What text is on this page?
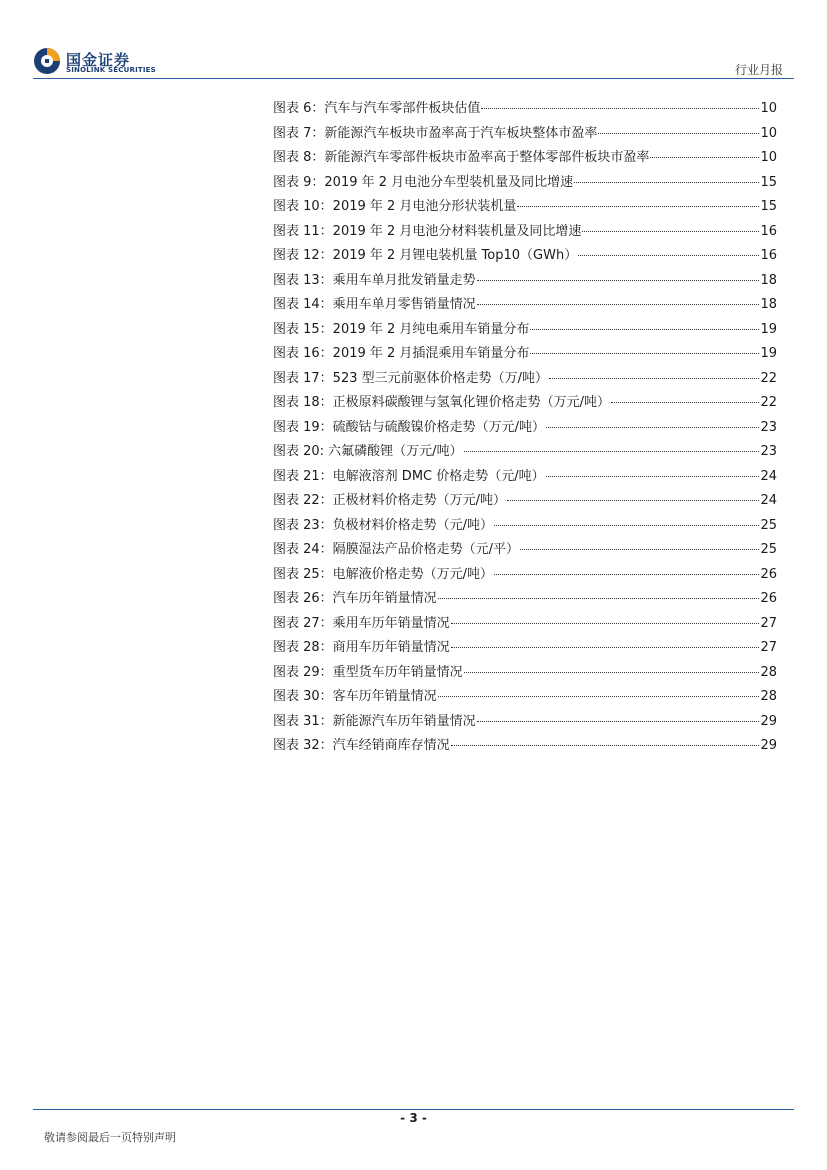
国金证券
SINOLINK SECURITIES	行业月报
图表 6：汽车与汽车零部件板块估值	10
图表 7：新能源汽车板块市盈率高于汽车板块整体市盈率	10
图表 8：新能源汽车零部件板块市盈率高于整体零部件板块市盈率	10
图表 9：2019 年 2 月电池分车型装机量及同比增速	15
图表 10：2019 年 2 月电池分形状装机量	15
图表 11：2019 年 2 月电池分材料装机量及同比增速	16
图表 12：2019 年 2 月锂电装机量 Top10（GWh）	16
图表 13：乘用车单月批发销量走势	18
图表 14：乘用车单月零售销量情况	18
图表 15：2019 年 2 月纯电乘用车销量分布	19
图表 16：2019 年 2 月插混乘用车销量分布	19
图表 17：523 型三元前驱体价格走势（万/吨）	22
图表 18：正极原料碳酸锂与氢氧化锂价格走势（万元/吨）	22
图表 19：硫酸钴与硫酸镍价格走势（万元/吨）	23
图表 20: 六氟磷酸锂（万元/吨）	23
图表 21：电解液溶剂 DMC 价格走势（元/吨）	24
图表 22：正极材料价格走势（万元/吨）	24
图表 23：负极材料价格走势（元/吨）	25
图表 24：隔膜湿法产品价格走势（元/平）	25
图表 25：电解液价格走势（万元/吨）	26
图表 26：汽车历年销量情况	26
图表 27：乘用车历年销量情况	27
图表 28：商用车历年销量情况	27
图表 29：重型货车历年销量情况	28
图表 30：客车历年销量情况	28
图表 31：新能源汽车历年销量情况	29
图表 32：汽车经销商库存情况	29
- 3 -
敬请参阅最后一页特别声明
